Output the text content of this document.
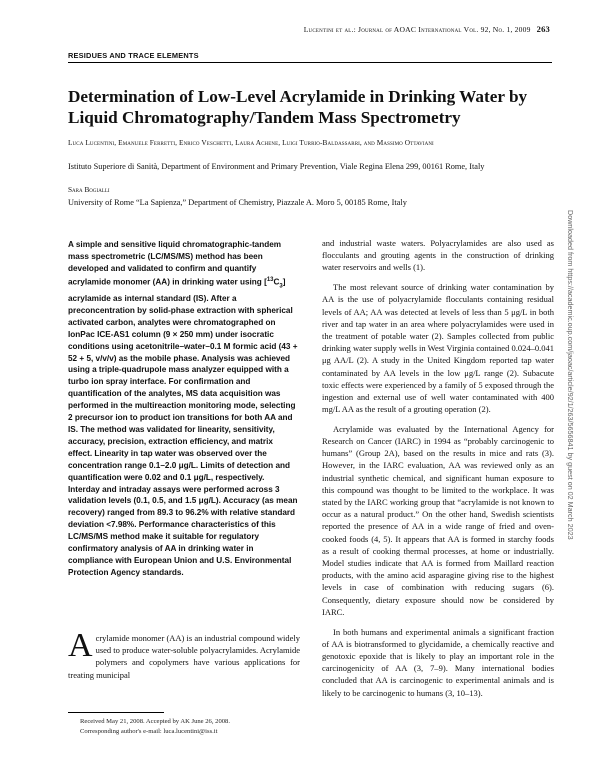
Lucentini et al.: Journal of AOAC International Vol. 92, No. 1, 2009 263
RESIDUES AND TRACE ELEMENTS
Determination of Low-Level Acrylamide in Drinking Water by Liquid Chromatography/Tandem Mass Spectrometry
Luca Lucentini, Emanuele Ferretti, Enrico Veschetti, Laura Achene, Luigi Turrio-Baldassarri, and Massimo Ottaviani
Istituto Superiore di Sanità, Department of Environment and Primary Prevention, Viale Regina Elena 299, 00161 Rome, Italy
Sara Bogialli
University of Rome “La Sapienza,” Department of Chemistry, Piazzale A. Moro 5, 00185 Rome, Italy
Downloaded from https://academic.oup.com/jaoac/article/92/1/263/5656841 by guest on 02 March 2023
A simple and sensitive liquid chromatographic-tandem mass spectrometric (LC/MS/MS) method has been developed and validated to confirm and quantify acrylamide monomer (AA) in drinking water using $[^{13}C_3]$ acrylamide as internal standard (IS). After a preconcentration by solid-phase extraction with spherical activated carbon, analytes were chromatographed on IonPac ICE-AS1 column (9 × 250 mm) under isocratic conditions using acetonitrile–water–0.1 M formic acid (43 + 52 + 5, v/v/v) as the mobile phase. Analysis was achieved using a triple-quadrupole mass analyzer equipped with a turbo ion spray interface. For confirmation and quantification of the analytes, MS data acquisition was performed in the multireaction monitoring mode, selecting 2 precursor ion to product ion transitions for both AA and IS. The method was validated for linearity, sensitivity, accuracy, precision, extraction efficiency, and matrix effect. Linearity in tap water was observed over the concentration range 0.1–2.0 μg/L. Limits of detection and quantification were 0.02 and 0.1 μg/L, respectively. Interday and intraday assays were performed across 3 validation levels (0.1, 0.5, and 1.5 μg/L). Accuracy (as mean recovery) ranged from 89.3 to 96.2% with relative standard deviation <7.98%. Performance characteristics of this LC/MS/MS method make it suitable for regulatory confirmatory analysis of AA in drinking water in compliance with European Union and U.S. Environmental Protection Agency standards.
Acrylamide monomer (AA) is an industrial compound widely used to produce water-soluble polyacrylamides. Acrylamide polymers and copolymers have various applications for treating municipal
Received May 21, 2008. Accepted by AK June 26, 2008.
Corresponding author's e-mail: luca.lucentini@iss.it

and industrial waste waters. Polyacrylamides are also used as flocculants and grouting agents in the construction of drinking water reservoirs and wells (1).

The most relevant source of drinking water contamination by AA is the use of polyacrylamide flocculants containing residual levels of AA; AA was detected at levels of less than 5 μg/L in both river and tap water in an area where polyacrylamides were used in the treatment of potable water (2). Samples collected from public drinking water supply wells in West Virginia contained 0.024–0.041 μg AA/L (2). A study in the United Kingdom reported tap water contaminated by AA levels in the low μg/L range (2). Subacute toxic effects were experienced by a family of 5 exposed through the ingestion and external use of well water contaminated with 400 mg/L AA as the result of a grouting operation (2).

Acrylamide was evaluated by the International Agency for Research on Cancer (IARC) in 1994 as “probably carcinogenic to humans” (Group 2A), based on the results in mice and rats (3). However, in the IARC evaluation, AA was reviewed only as an industrial synthetic chemical, and significant human exposure to this compound was thought to be limited to the workplace. It was stated by the IARC working group that “acrylamide is not known to occur as a natural product.” On the other hand, Swedish scientists reported the presence of AA in a wide range of fried and oven-cooked foods (4, 5). It appears that AA is formed in starchy foods as a result of cooking thermal processes, at home or industrially. Model studies indicate that AA is formed from Maillard reaction products, with the amino acid asparagine giving rise to the highest levels in case of combination with reducing sugars (6). Consequently, dietary exposure should now be considered by IARC.

In both humans and experimental animals a significant fraction of AA is biotransformed to glycidamide, a chemically reactive and genotoxic epoxide that is likely to play an important role in the carcinogenicity of AA (3, 7–9). Many international bodies concluded that AA is carcinogenic to experimental animals and is likely to be carcinogenic to humans (3, 10–13).
